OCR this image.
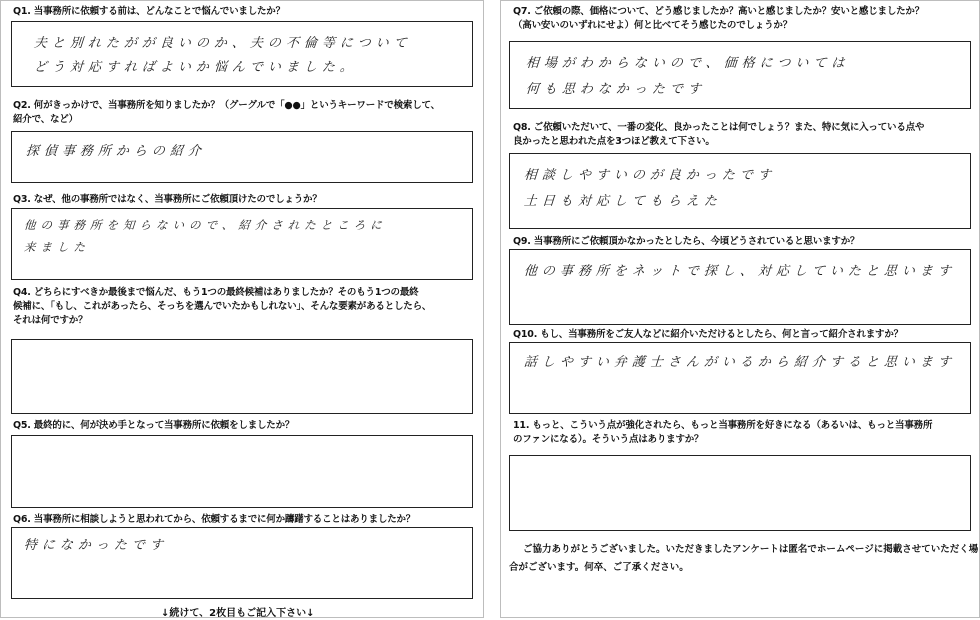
Q1. 当事務所に依頼する前は、どんなことで悩んでいましたか？
夫と別れたがが良いのか、夫の不倫等について
どう対応すればよいか悩んでいました。
Q2. 何がきっかけで、当事務所を知りましたか？（グーグルで「●●」というキーワードで検索して、
紹介で、など）
探偵事務所からの紹介
Q3. なぜ、他の事務所ではなく、当事務所にご依頼頂けたのでしょうか？
他の事務所を知らないので、紹介されたところに
来ました
Q4. どちらにすべきか最後まで悩んだ、もう1つの最終候補はありましたか？そのもう1つの最終
候補に、「もし、これがあったら、そっちを選んでいたかもしれない」、そんな要素があるとしたら、
それは何ですか？
Q5. 最終的に、何が決め手となって当事務所に依頼をしましたか？
Q6. 当事務所に相談しようと思われてから、依頼するまでに何か躊躇することはありましたか？
特になかったです
↓続けて、2枚目もご記入下さい↓
Q7. ご依頼の際、価格について、どう感じましたか？高いと感じましたか？安いと感じましたか？
（高い安いのいずれにせよ）何と比べてそう感じたのでしょうか？
相場がわからないので、価格については
何も思わなかったです
Q8. ご依頼いただいて、一番の変化、良かったことは何でしょう？また、特に気に入っている点や
良かったと思われた点を3つほど教えて下さい。
相談しやすいのが良かったです
土日も対応してもらえた
Q9. 当事務所にご依頼頂かなかったとしたら、今頃どうされていると思いますか？
他の事務所をネットで探し、対応していたと思います
Q10. もし、当事務所をご友人などに紹介いただけるとしたら、何と言って紹介されますか？
話しやすい弁護士さんがいるから紹介すると思います
11. もっと、こういう点が強化されたら、もっと当事務所を好きになる（あるいは、もっと当事務所
のファンになる）。そういう点はありますか？
ご協力ありがとうございました。いただきましたアンケートは匿名でホームページに掲載させていただく場
合がございます。何卒、ご了承ください。
